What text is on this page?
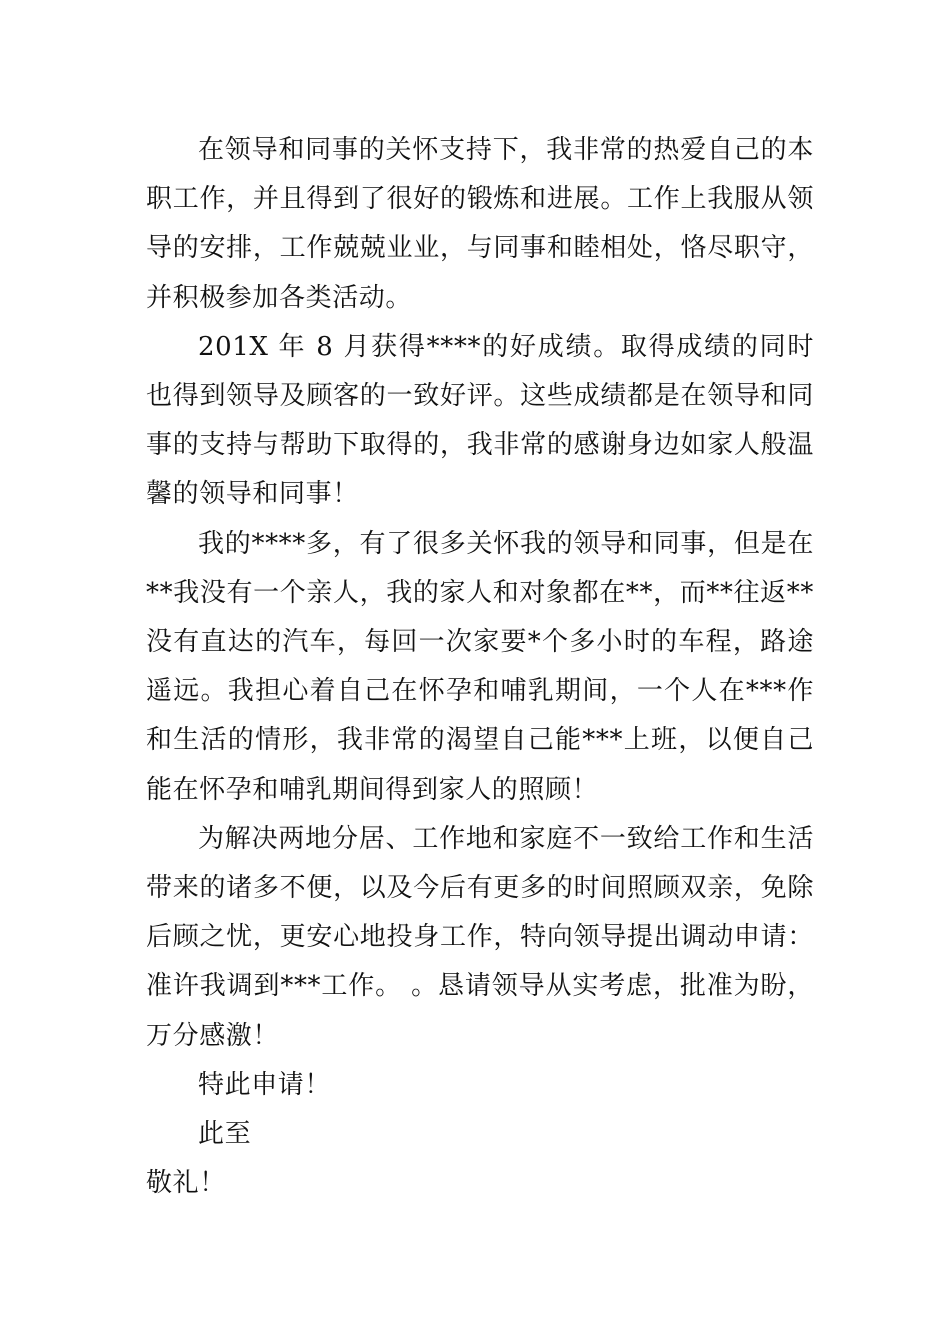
在领导和同事的关怀支持下，我非常的热爱自己的本职工作，并且得到了很好的锻炼和进展。工作上我服从领导的安排，工作兢兢业业，与同事和睦相处，恪尽职守，并积极参加各类活动。

201X 年 8 月获得****的好成绩。取得成绩的同时也得到领导及顾客的一致好评。这些成绩都是在领导和同事的支持与帮助下取得的，我非常的感谢身边如家人般温馨的领导和同事！

我的****多，有了很多关怀我的领导和同事，但是在**我没有一个亲人，我的家人和对象都在**，而**往返**没有直达的汽车，每回一次家要*个多小时的车程，路途遥远。我担心着自己在怀孕和哺乳期间，一个人在***作和生活的情形，我非常的渴望自己能***上班，以便自己能在怀孕和哺乳期间得到家人的照顾！

为解决两地分居、工作地和家庭不一致给工作和生活带来的诸多不便，以及今后有更多的时间照顾双亲，免除后顾之忧，更安心地投身工作，特向领导提出调动申请：准许我调到***工作。 。恳请领导从实考虑，批准为盼，万分感激！

特此申请！

此至

敬礼！
